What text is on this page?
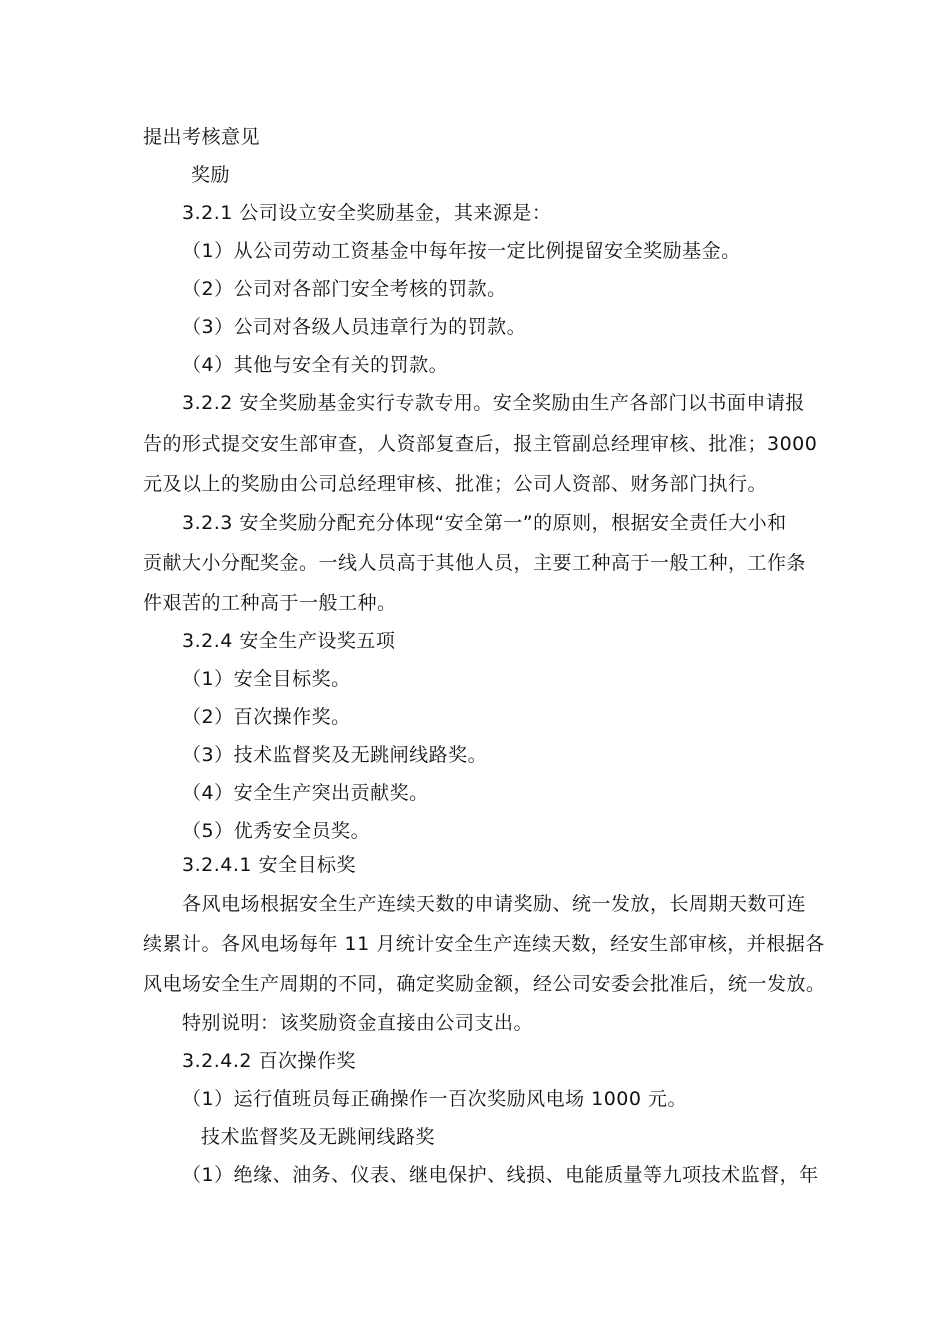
提出考核意见
奖励
3.2.1 公司设立安全奖励基金，其来源是：
（1）从公司劳动工资基金中每年按一定比例提留安全奖励基金。
（2）公司对各部门安全考核的罚款。
（3）公司对各级人员违章行为的罚款。
（4）其他与安全有关的罚款。
3.2.2 安全奖励基金实行专款专用。安全奖励由生产各部门以书面申请报
告的形式提交安生部审查，人资部复查后，报主管副总经理审核、批准；3000
元及以上的奖励由公司总经理审核、批准；公司人资部、财务部门执行。
3.2.3 安全奖励分配充分体现“安全第一”的原则，根据安全责任大小和
贡献大小分配奖金。一线人员高于其他人员，主要工种高于一般工种，工作条
件艰苦的工种高于一般工种。
3.2.4 安全生产设奖五项
（1）安全目标奖。
（2）百次操作奖。
（3）技术监督奖及无跳闸线路奖。
（4）安全生产突出贡献奖。
（5）优秀安全员奖。
3.2.4.1 安全目标奖
各风电场根据安全生产连续天数的申请奖励、统一发放，长周期天数可连
续累计。各风电场每年 11 月统计安全生产连续天数，经安生部审核，并根据各
风电场安全生产周期的不同，确定奖励金额，经公司安委会批准后，统一发放。
特别说明：该奖励资金直接由公司支出。
3.2.4.2 百次操作奖
（1）运行值班员每正确操作一百次奖励风电场 1000 元。
技术监督奖及无跳闸线路奖
（1）绝缘、油务、仪表、继电保护、线损、电能质量等九项技术监督，年
